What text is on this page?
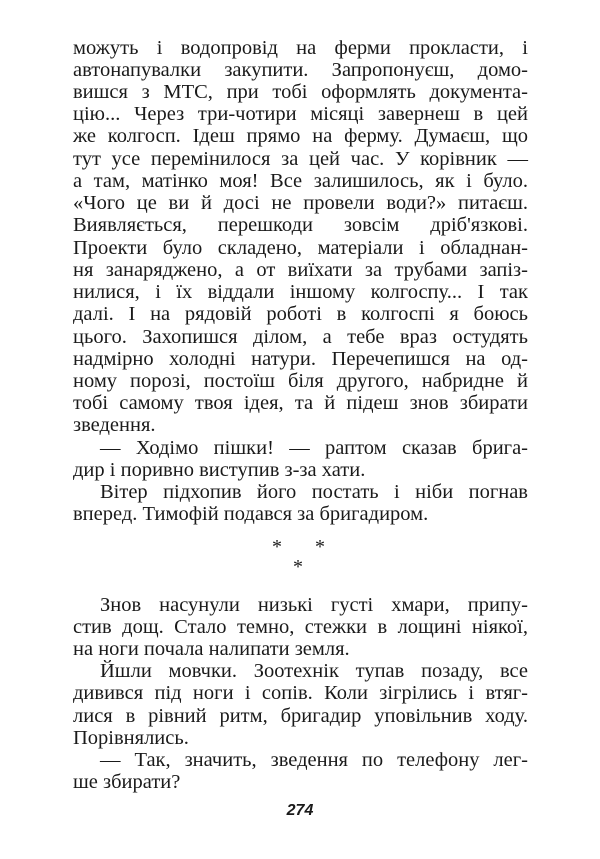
можуть і водопровід на ферми прокласти, і
автонапувалки закупити. Запропонуєш, домо-
вишся з МТС, при тобі оформлять документа-
цію... Через три-чотири місяці завернеш в цей
же колгосп. Ідеш прямо на ферму. Думаєш, що
тут усе перемінилося за цей час. У корівник —
а там, матінко моя! Все залишилось, як і було.
«Чого це ви й досі не провели води?» питаєш.
Виявляється, перешкоди зовсім дріб'язкові.
Проекти було складено, матеріали і обладнан-
ня занаряджено, а от виїхати за трубами запіз-
нилися, і їх віддали іншому колгоспу... І так
далі. І на рядовій роботі в колгоспі я боюсь
цього. Захопишся ділом, а тебе враз остудять
надмірно холодні натури. Перечепишся на од-
ному порозі, постоїш біля другого, набридне й
тобі самому твоя ідея, та й підеш знов збирати
зведення.
— Ходімо пішки! — раптом сказав бригa-
дир і поривно виступив з-за хати.
Вітер підхопив його постать і ніби погнав
вперед. Тимофій подався за бригадиром.
* *
*
Знов насунули низькі густі хмари, припу-
стив дощ. Стало темно, стежки в лощині ніякої,
на ноги почала налипати земля.
Йшли мовчки. Зоотехнік тупав позаду, все
дивився під ноги і сопів. Коли зігрілись і втяг-
лися в рівний ритм, бригадир уповільнив ходу.
Порівнялись.
— Так, значить, зведення по телефону лег-
ше збирати?
274
